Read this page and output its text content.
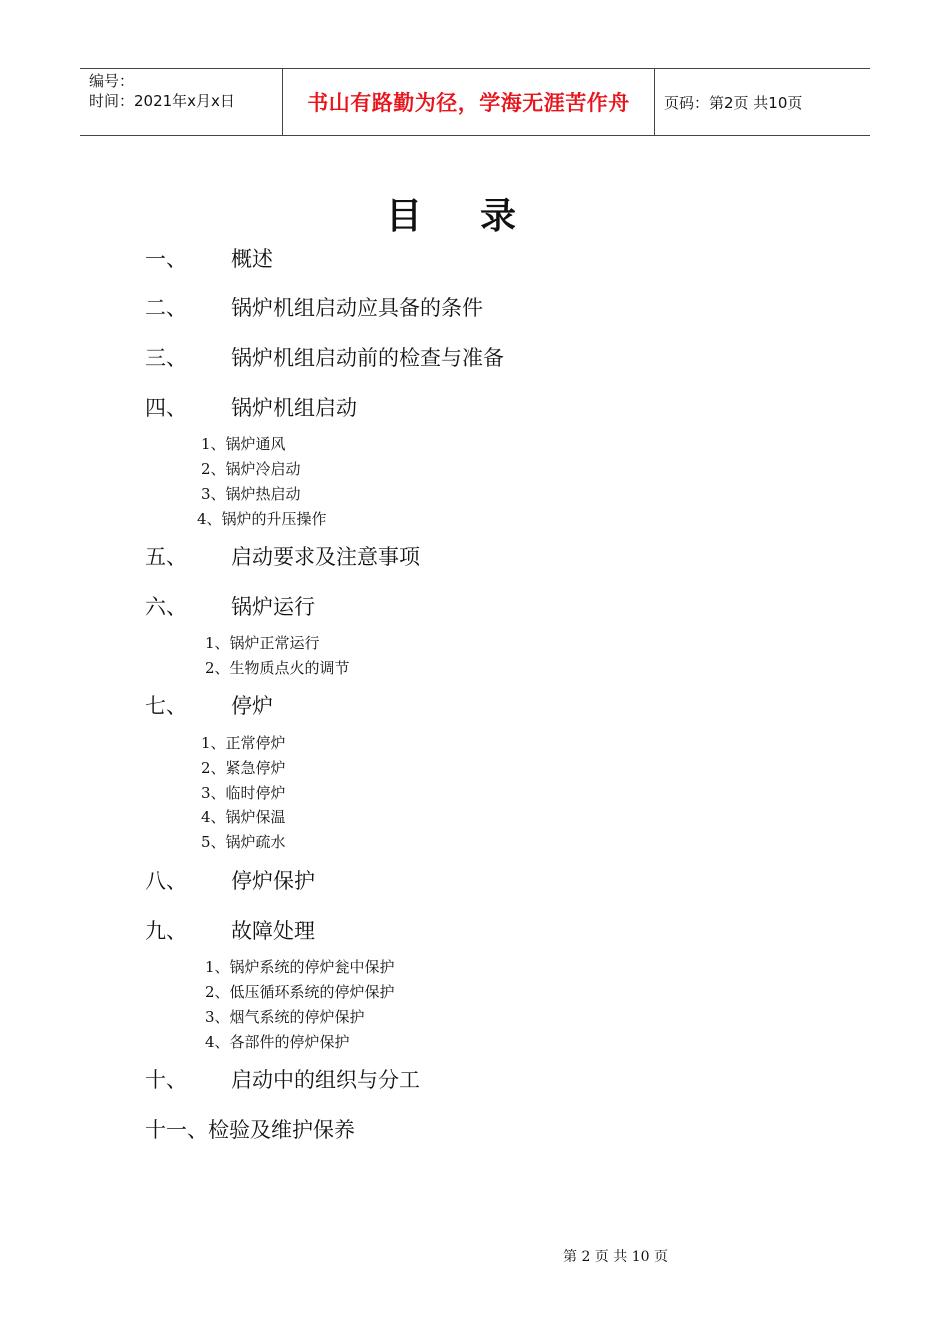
编号：
时间：2021年x月x日	书山有路勤为径，学海无涯苦作舟 页码：第2页 共10页
目录
一、 概述
二、 锅炉机组启动应具备的条件
三、 锅炉机组启动前的检查与准备
四、 锅炉机组启动
1、锅炉通风
2、锅炉冷启动
3、锅炉热启动
4、锅炉的升压操作
五、 启动要求及注意事项
六、 锅炉运行
1、锅炉正常运行
2、生物质点火的调节
七、 停炉
1、正常停炉
2、紧急停炉
3、临时停炉
4、锅炉保温
5、锅炉疏水
八、 停炉保护
九、 故障处理
1、锅炉系统的停炉瓮中保护
2、低压循环系统的停炉保护
3、烟气系统的停炉保护
4、各部件的停炉保护
十、 启动中的组织与分工
十一、检验及维护保养
第 2 页 共 10 页
